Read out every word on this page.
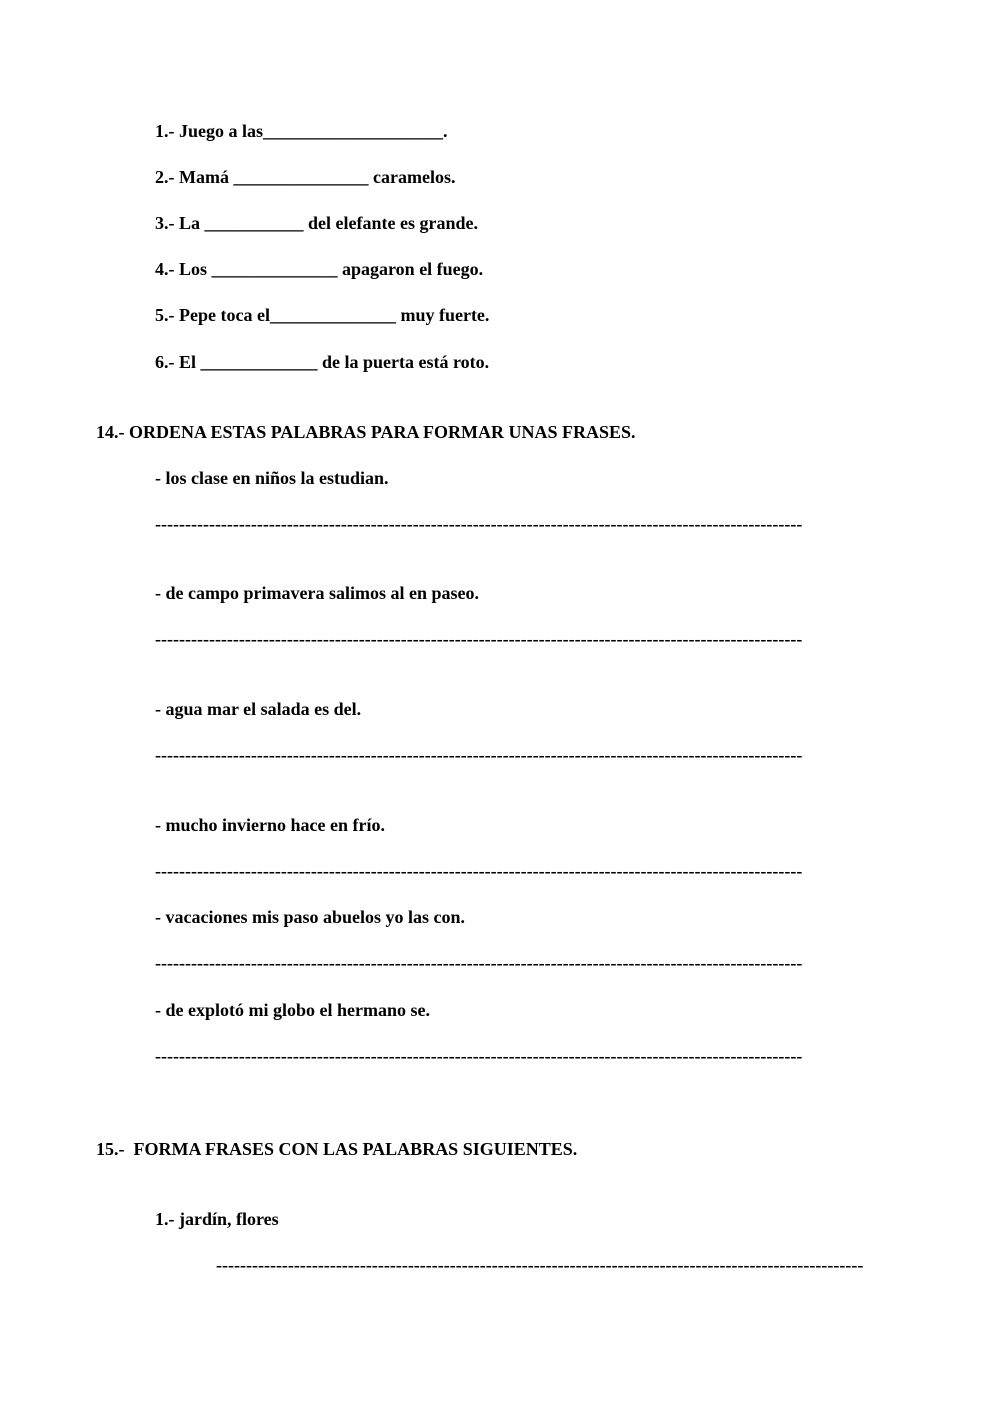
1.- Juego a las____________________.
2.- Mamá _______________ caramelos.
3.- La ___________ del elefante es grande.
4.- Los ______________ apagaron el fuego.
5.- Pepe toca el______________ muy fuerte.
6.- El _____________ de la puerta está roto.
14.- ORDENA ESTAS PALABRAS PARA FORMAR UNAS FRASES.
- los clase en niños la estudian.
------------------------------------------------------------------------------------------------------------
- de campo primavera salimos al en paseo.
------------------------------------------------------------------------------------------------------------
- agua mar el salada es del.
------------------------------------------------------------------------------------------------------------
- mucho invierno hace en frío.
------------------------------------------------------------------------------------------------------------
- vacaciones mis paso abuelos yo las con.
------------------------------------------------------------------------------------------------------------
- de explotó mi globo el hermano se.
------------------------------------------------------------------------------------------------------------
15.-  FORMA FRASES CON LAS PALABRAS SIGUIENTES.
1.- jardín, flores
------------------------------------------------------------------------------------------------------------
